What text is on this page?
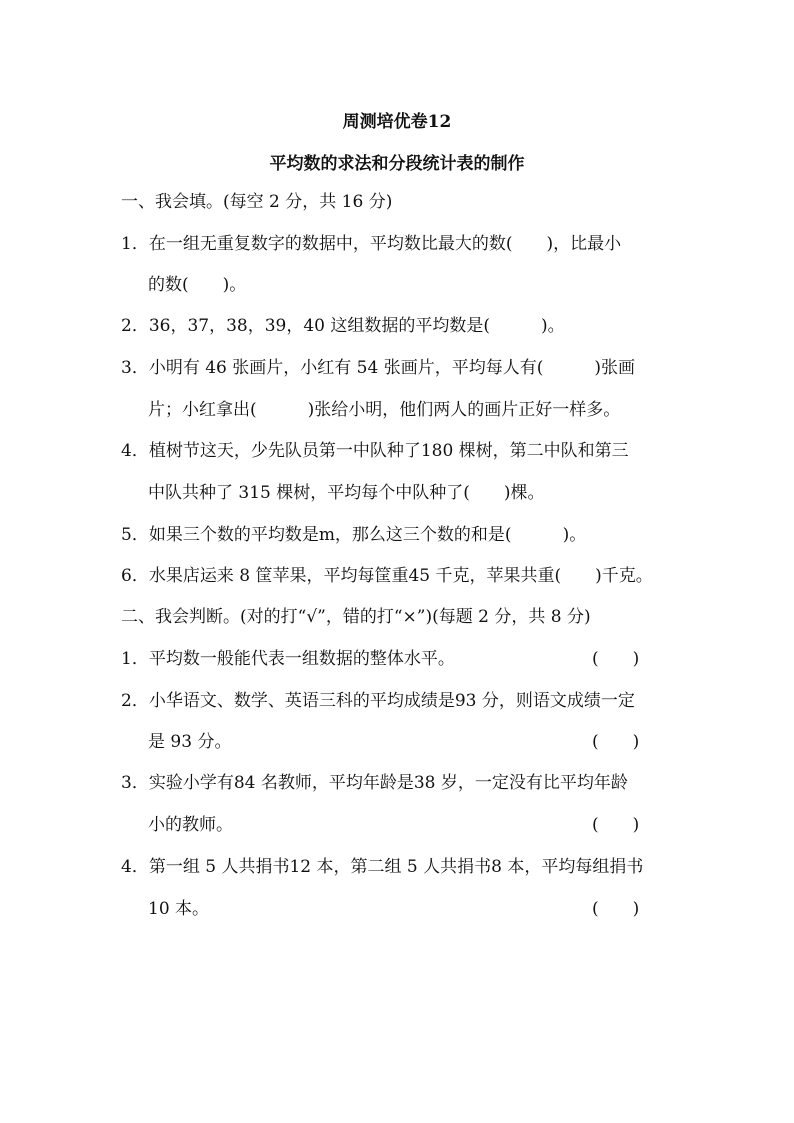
周测培优卷12
平均数的求法和分段统计表的制作
一、我会填。(每空 2 分，共 16 分)
1．在一组无重复数字的数据中，平均数比最大的数(　　)，比最小
的数(　　)。
2．36，37，38，39，40 这组数据的平均数是(　　　)。
3．小明有 46 张画片，小红有 54 张画片，平均每人有(　　　)张画
片；小红拿出(　　　)张给小明，他们两人的画片正好一样多。
4．植树节这天，少先队员第一中队种了180 棵树，第二中队和第三
中队共种了 315 棵树，平均每个中队种了(　　)棵。
5．如果三个数的平均数是m，那么这三个数的和是(　　　)。
6．水果店运来 8 筐苹果，平均每筐重45 千克，苹果共重(　　)千克。
二、我会判断。(对的打“√”，错的打“×”)(每题 2 分，共 8 分)
1．平均数一般能代表一组数据的整体水平。	(　　)
2．小华语文、数学、英语三科的平均成绩是93 分，则语文成绩一定
是 93 分。	(　　)
3．实验小学有84 名教师，平均年龄是38 岁，一定没有比平均年龄
小的教师。	(　　)
4．第一组 5 人共捐书12 本，第二组 5 人共捐书8 本，平均每组捐书
10 本。	(　　)
